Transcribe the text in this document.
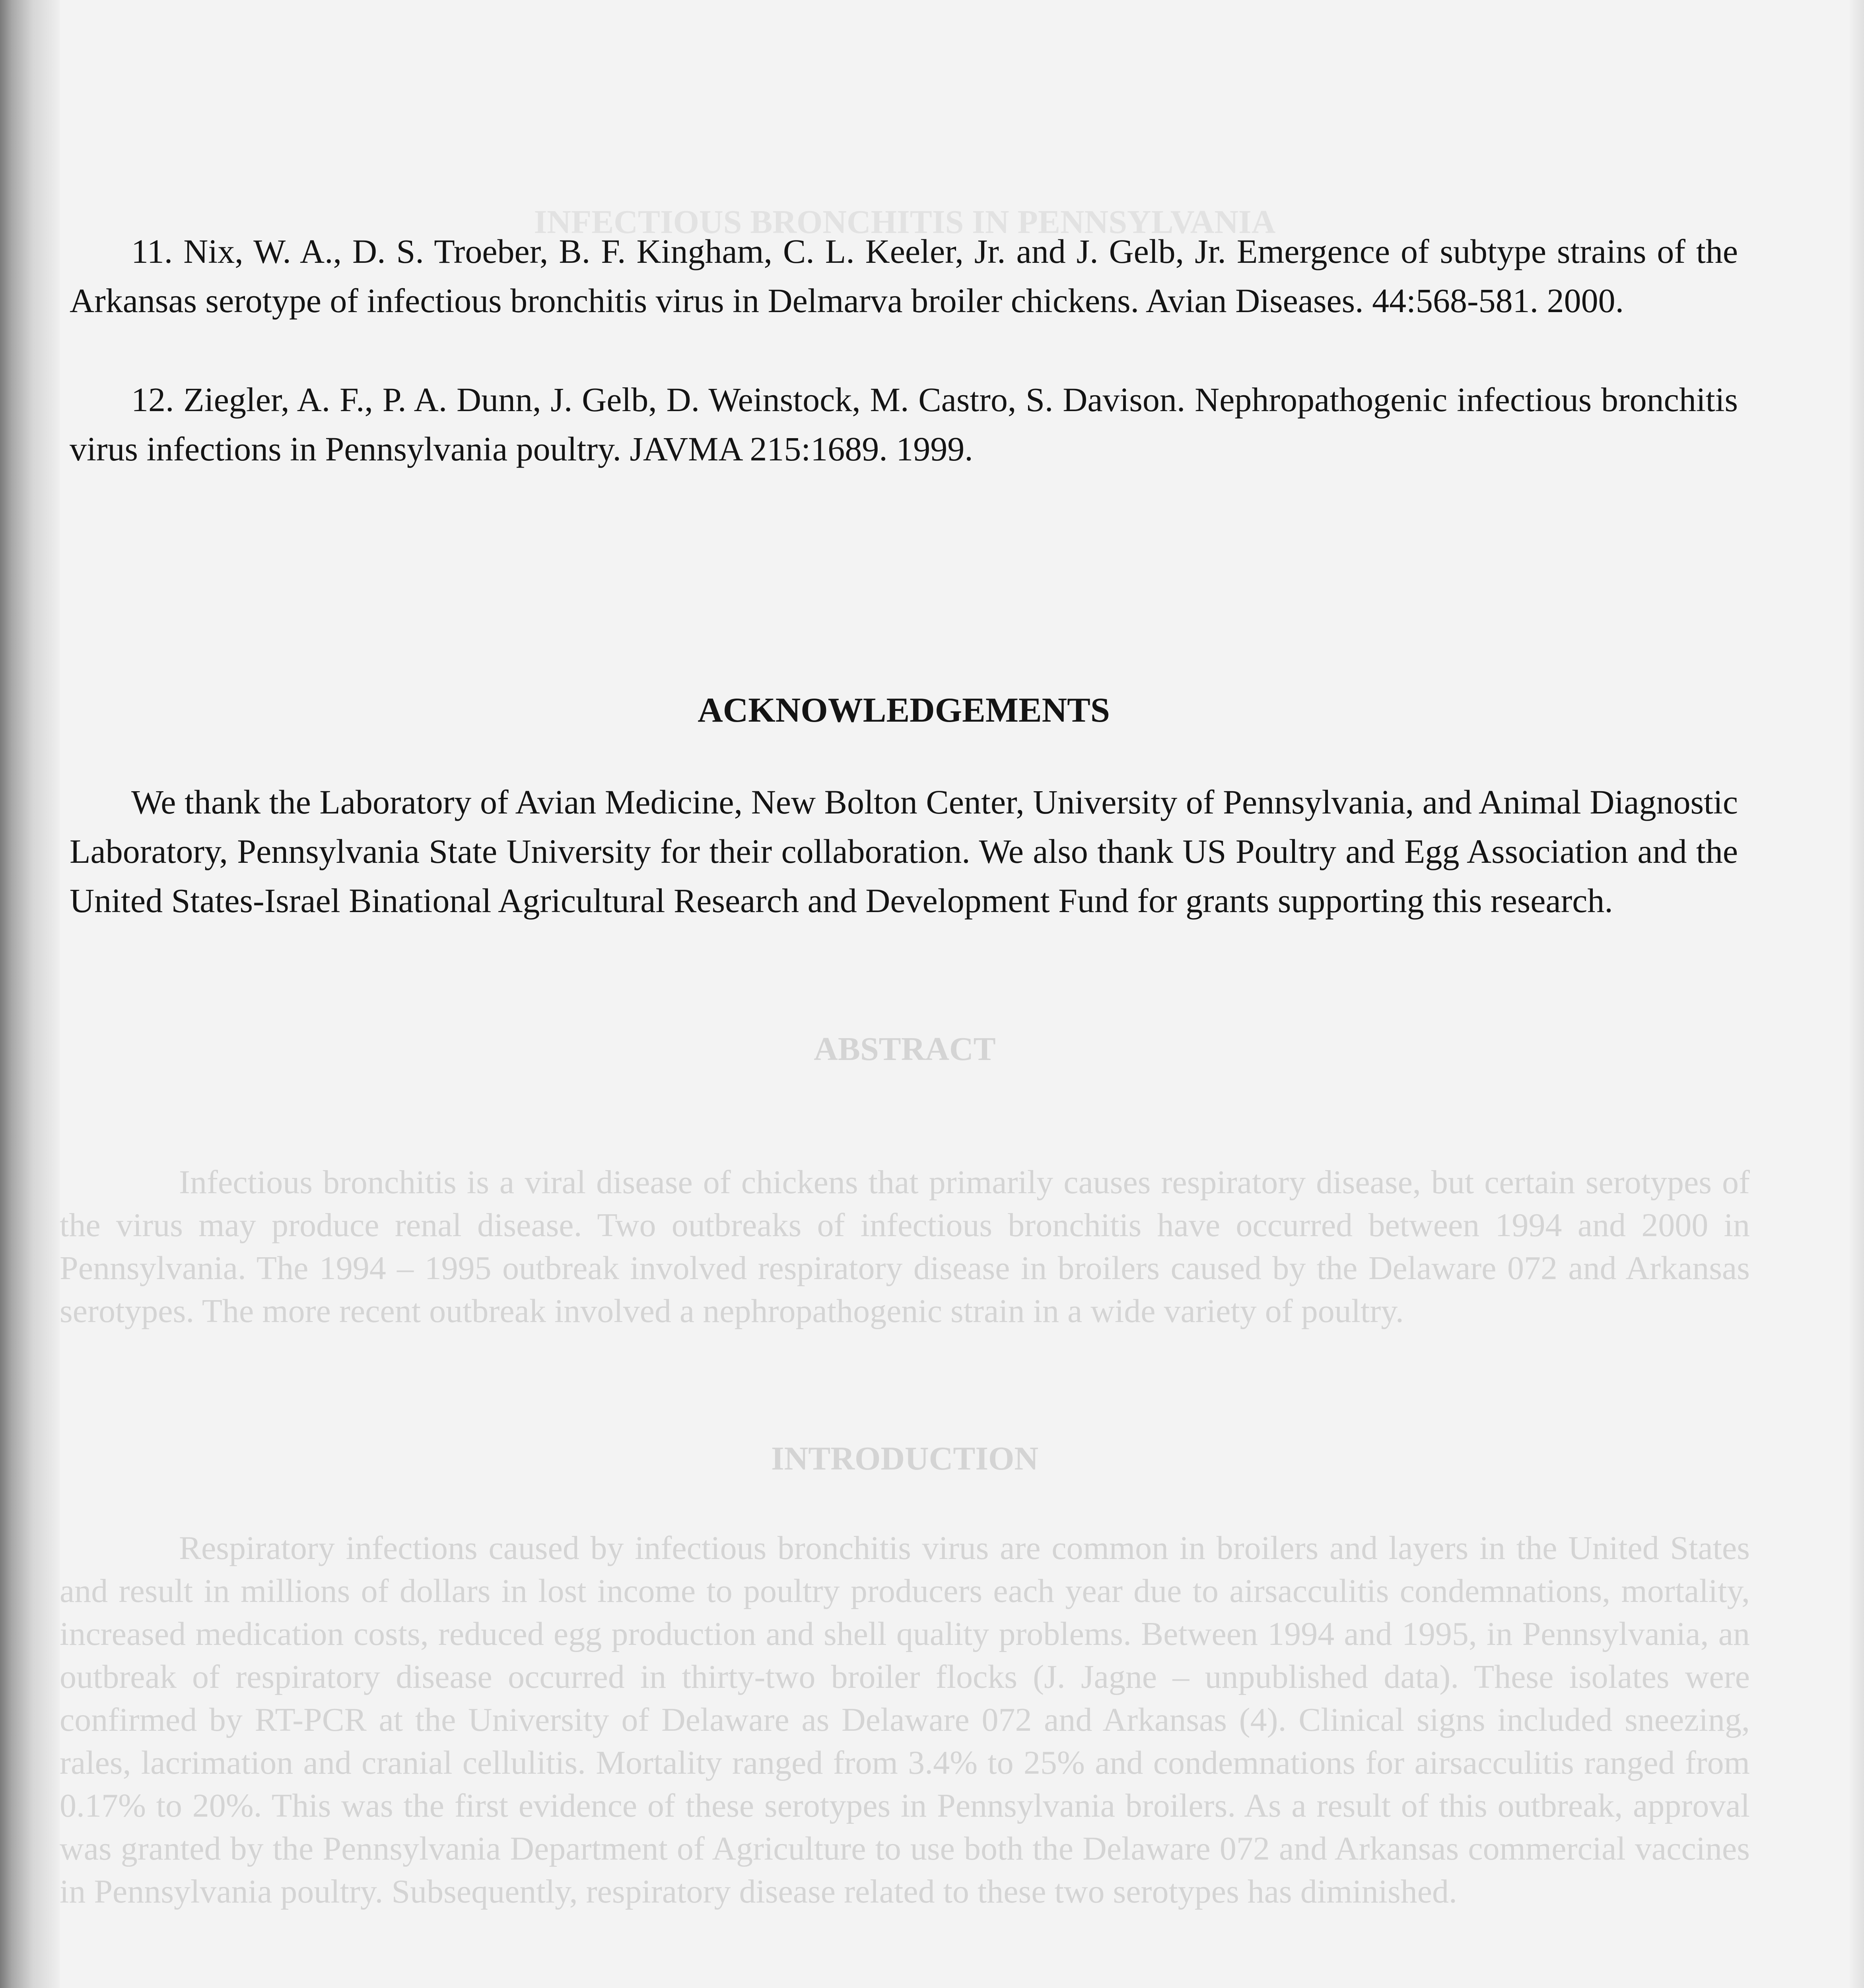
INFECTIOUS BRONCHITIS IN PENNSYLVANIA

ABSTRACT

Infectious bronchitis is a viral disease of chickens that primarily causes respiratory disease, but certain serotypes of the virus may produce renal disease. Two outbreaks of infectious bronchitis have occurred between 1994 and 2000 in Pennsylvania. The 1994 – 1995 outbreak involved respiratory disease in broilers caused by the Delaware 072 and Arkansas serotypes. The more recent outbreak involved a nephropathogenic strain in a wide variety of poultry.

INTRODUCTION

Respiratory infections caused by infectious bronchitis virus are common in broilers and layers in the United States and result in millions of dollars in lost income to poultry producers each year due to airsacculitis condemnations, mortality, increased medication costs, reduced egg production and shell quality problems. Between 1994 and 1995, in Pennsylvania, an outbreak of respiratory disease occurred in thirty-two broiler flocks (J. Jagne – unpublished data). These isolates were confirmed by RT-PCR at the University of Delaware as Delaware 072 and Arkansas (4). Clinical signs included sneezing, rales, lacrimation and cranial cellulitis. Mortality ranged from 3.4% to 25% and condemnations for airsacculitis ranged from 0.17% to 20%. This was the first evidence of these serotypes in Pennsylvania broilers. As a result of this outbreak, approval was granted by the Pennsylvania Department of Agriculture to use both the Delaware 072 and Arkansas commercial vaccines in Pennsylvania poultry. Subsequently, respiratory disease related to these two serotypes has diminished.

11. Nix, W. A., D. S. Troeber, B. F. Kingham, C. L. Keeler, Jr. and J. Gelb, Jr. Emergence of subtype strains of the Arkansas serotype of infectious bronchitis virus in Delmarva broiler chickens. Avian Diseases. 44:568-581. 2000.

12. Ziegler, A. F., P. A. Dunn, J. Gelb, D. Weinstock, M. Castro, S. Davison. Nephropathogenic infectious bronchitis virus infections in Pennsylvania poultry. JAVMA 215:1689. 1999.

ACKNOWLEDGEMENTS

We thank the Laboratory of Avian Medicine, New Bolton Center, University of Pennsylvania, and Animal Diagnostic Laboratory, Pennsylvania State University for their collaboration. We also thank US Poultry and Egg Association and the United States-Israel Binational Agricultural Research and Development Fund for grants supporting this research.
